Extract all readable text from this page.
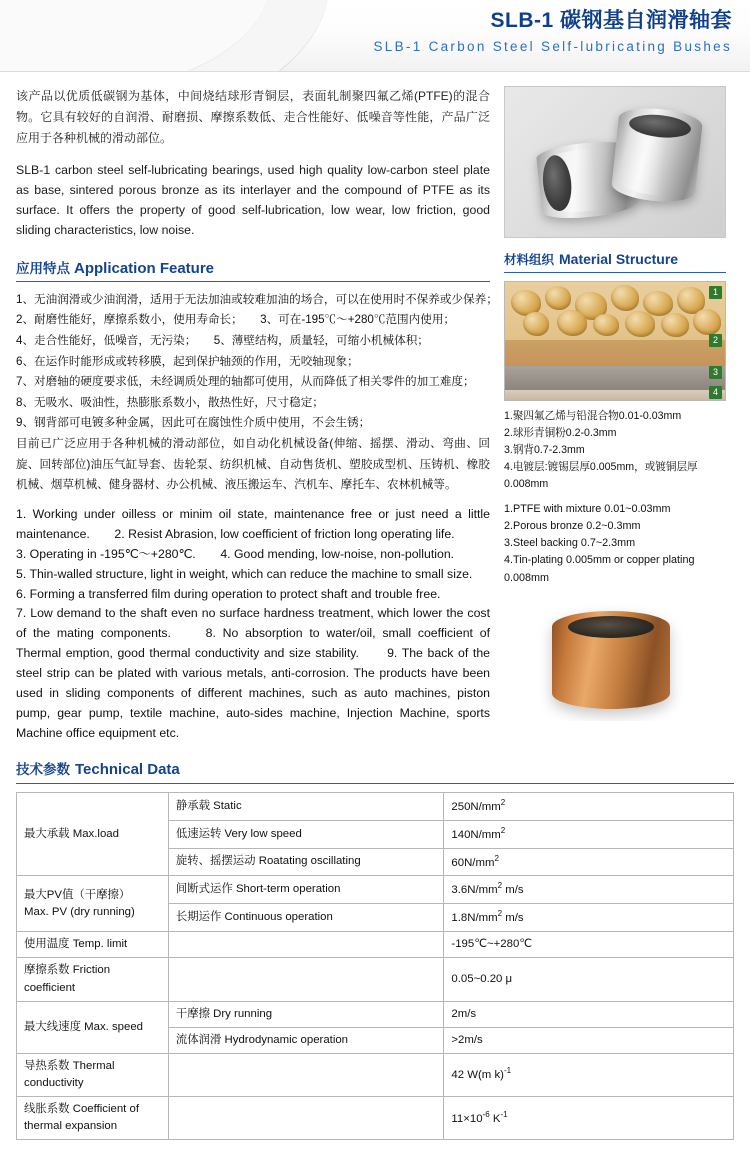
SLB-1 碳钢基自润滑轴套
SLB-1 Carbon Steel Self-lubricating Bushes

该产品以优质低碳钢为基体，中间烧结球形青铜层，表面轧制聚四氟乙烯(PTFE)的混合物。它具有较好的自润滑、耐磨损、摩擦系数低、走合性能好、低噪音等性能，产品广泛应用于各种机械的滑动部位。

SLB-1 carbon steel self-lubricating bearings, used high quality low-carbon steel plate as base, sintered porous bronze as its interlayer and the compound of PTFE as its surface. It offers the property of good self-lubrication, low wear, low friction, good sliding characteristics, low noise.

应用特点 Application Feature
1、无油润滑或少油润滑，适用于无法加油或较难加油的场合，可以在使用时不保养或少保养；
2、耐磨性能好，摩擦系数小，使用寿命长；　　3、可在-195℃～+280℃范围内使用；
4、走合性能好，低噪音，无污染；　　5、薄壁结构，质量轻，可缩小机械体积；
6、在运作时能形成或转移膜，起到保护轴颈的作用，无咬轴现象；
7、对磨轴的硬度要求低，未经调质处理的轴都可使用，从而降低了相关零件的加工难度；
8、无吸水、吸油性，热膨胀系数小，散热性好，尺寸稳定；
9、钢背部可电镀多种金属，因此可在腐蚀性介质中使用，不会生锈；
目前已广泛应用于各种机械的滑动部位，如自动化机械设备(伸缩、摇摆、滑动、弯曲、回旋、回转部位)油压气缸导套、齿轮泵、纺织机械、自动售货机、塑胶成型机、压铸机、橡胶机械、烟草机械、健身器材、办公机械、液压搬运车、汽机车、摩托车、农林机械等。
1. Working under oilless or minim oil state, maintenance free or just need a little maintenance.　　2. Resist Abrasion, low coefficient of friction long operating life.
3. Operating in -195℃～+280℃.　　4. Good mending, low-noise, non-pollution.
5. Thin-walled structure, light in weight, which can reduce the machine to small size.
6. Forming a transferred film during operation to protect shaft and trouble free.
7. Low demand to the shaft even no surface hardness treatment, which lower the cost of the mating components.　　8. No absorption to water/oil, small coefficient of Thermal emption, good thermal conductivity and size stability.　　9. The back of the steel strip can be plated with various metals, anti-corrosion. The products have been used in sliding components of different machines, such as auto machines, piston pump, gear pump, textile machine, auto-sides machine, Injection Machine, sports Machine office equipment etc.
材料组织 Material Structure
1
2
3
4
1.聚四氟乙烯与铅混合物0.01-0.03mm
2.球形青铜粉0.2-0.3mm
3.钢背0.7-2.3mm
4.电镀层:镀锡层厚0.005mm，或镀铜层厚0.008mm
1.PTFE with mixture 0.01~0.03mm
2.Porous bronze 0.2~0.3mm
3.Steel backing 0.7~2.3mm
4.Tin-plating 0.005mm or copper plating 0.008mm
技术参数 Technical Data
最大承载 Max.load	静承载 Static	$250N/mm^2$
	低速运转 Very low speed	$140N/mm^2$
	旋转、摇摆运动 Roatating oscillating	$60N/mm^2$
最大PV值（干摩擦）
Max. PV (dry running)	间断式运作 Short-term operation	$3.6N/mm^2$ m/s
	长期运作 Continuous operation	$1.8N/mm^2$ m/s
使用温度 Temp. limit		-195℃~+280℃
摩擦系数 Friction coefficient		0.05~0.20 μ
最大线速度 Max. speed	干摩擦 Dry running	2m/s
	流体润滑 Hydrodynamic operation	>2m/s
导热系数 Thermal conductivity		42 W(m k)$^{-1}$
线胀系数 Coefficient of thermal expansion		$11\times 10^{-6}$ $K^{-1}$
